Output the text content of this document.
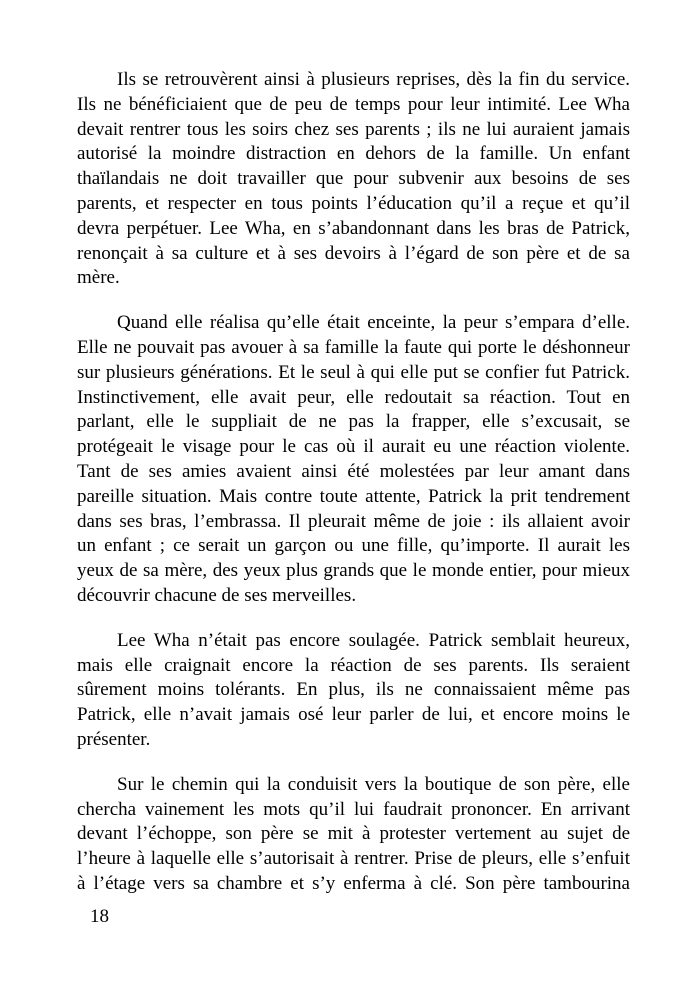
Ils se retrouvèrent ainsi à plusieurs reprises, dès la fin du service.
Ils ne bénéficiaient que de peu de temps pour leur intimité. Lee Wha
devait rentrer tous les soirs chez ses parents ; ils ne lui auraient jamais
autorisé la moindre distraction en dehors de la famille. Un enfant
thaïlandais ne doit travailler que pour subvenir aux besoins de ses
parents, et respecter en tous points l’éducation qu’il a reçue et qu’il
devra perpétuer. Lee Wha, en s’abandonnant dans les bras de Patrick,
renonçait à sa culture et à ses devoirs à l’égard de son père et de sa
mère.
Quand elle réalisa qu’elle était enceinte, la peur s’empara d’elle.
Elle ne pouvait pas avouer à sa famille la faute qui porte le déshonneur
sur plusieurs générations. Et le seul à qui elle put se confier fut Patrick.
Instinctivement, elle avait peur, elle redoutait sa réaction. Tout en
parlant, elle le suppliait de ne pas la frapper, elle s’excusait, se
protégeait le visage pour le cas où il aurait eu une réaction violente.
Tant de ses amies avaient ainsi été molestées par leur amant dans
pareille situation. Mais contre toute attente, Patrick la prit tendrement
dans ses bras, l’embrassa. Il pleurait même de joie : ils allaient avoir
un enfant ; ce serait un garçon ou une fille, qu’importe. Il aurait les
yeux de sa mère, des yeux plus grands que le monde entier, pour mieux
découvrir chacune de ses merveilles.
Lee Wha n’était pas encore soulagée. Patrick semblait heureux,
mais elle craignait encore la réaction de ses parents. Ils seraient
sûrement moins tolérants. En plus, ils ne connaissaient même pas
Patrick, elle n’avait jamais osé leur parler de lui, et encore moins le
présenter.
Sur le chemin qui la conduisit vers la boutique de son père, elle
chercha vainement les mots qu’il lui faudrait prononcer. En arrivant
devant l’échoppe, son père se mit à protester vertement au sujet de
l’heure à laquelle elle s’autorisait à rentrer. Prise de pleurs, elle s’enfuit
à l’étage vers sa chambre et s’y enferma à clé. Son père tambourina
18
